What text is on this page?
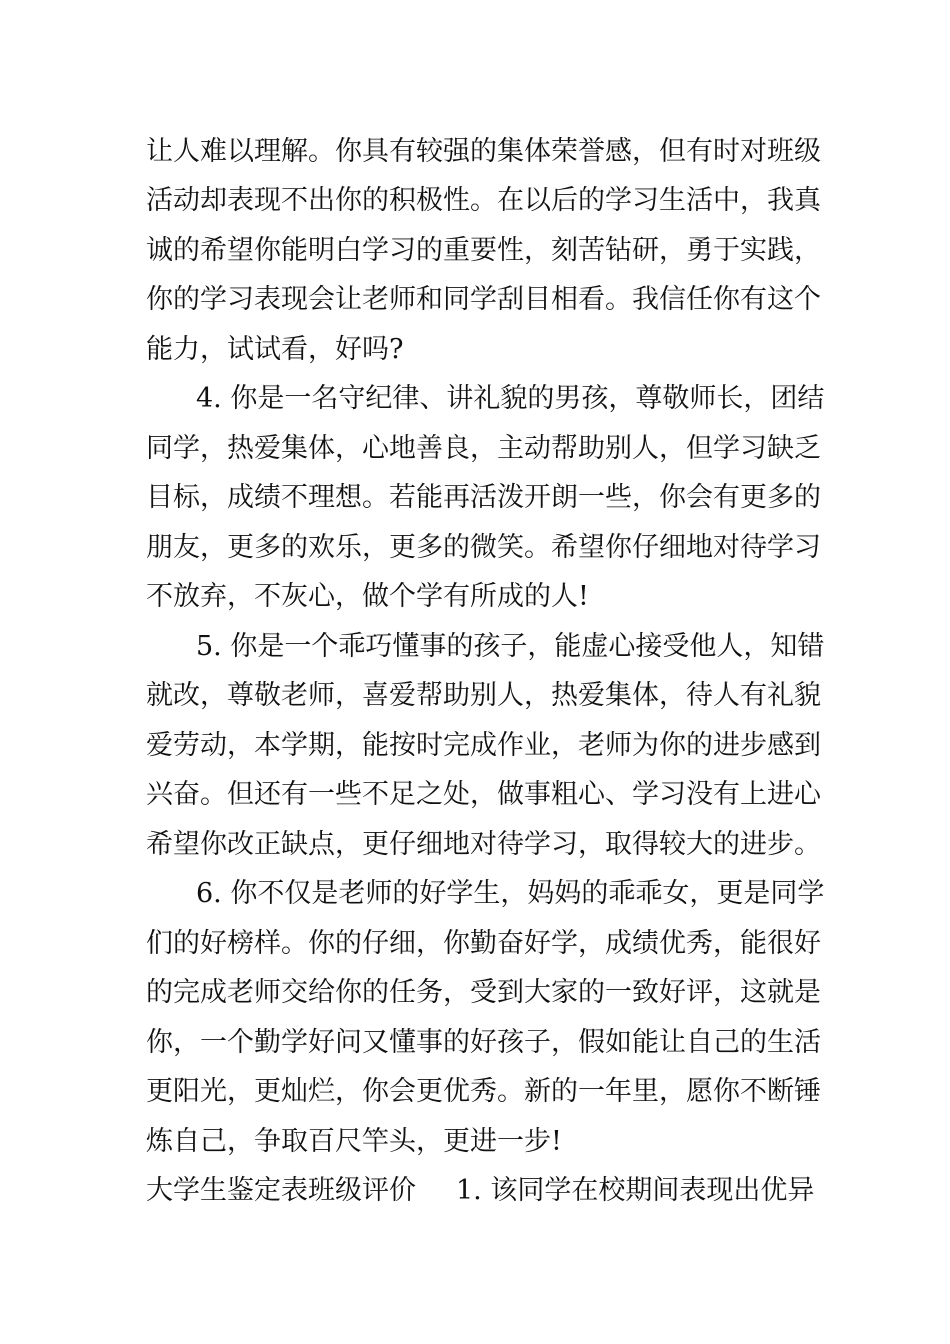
让人难以理解。你具有较强的集体荣誉感，但有时对班级
活动却表现不出你的积极性。在以后的学习生活中，我真
诚的希望你能明白学习的重要性，刻苦钻研，勇于实践，
你的学习表现会让老师和同学刮目相看。我信任你有这个
能力，试试看，好吗?
4. 你是一名守纪律、讲礼貌的男孩，尊敬师长，团结
同学，热爱集体，心地善良，主动帮助别人，但学习缺乏
目标，成绩不理想。若能再活泼开朗一些，你会有更多的
朋友，更多的欢乐，更多的微笑。希望你仔细地对待学习
不放弃，不灰心，做个学有所成的人!
5. 你是一个乖巧懂事的孩子，能虚心接受他人，知错
就改，尊敬老师，喜爱帮助别人，热爱集体，待人有礼貌
爱劳动，本学期，能按时完成作业，老师为你的进步感到
兴奋。但还有一些不足之处，做事粗心、学习没有上进心
希望你改正缺点，更仔细地对待学习，取得较大的进步。
6. 你不仅是老师的好学生，妈妈的乖乖女，更是同学
们的好榜样。你的仔细，你勤奋好学，成绩优秀，能很好
的完成老师交给你的任务，受到大家的一致好评，这就是
你，一个勤学好问又懂事的好孩子，假如能让自己的生活
更阳光，更灿烂，你会更优秀。新的一年里，愿你不断锤
炼自己，争取百尺竿头，更进一步!
大学生鉴定表班级评价 1. 该同学在校期间表现出优异
